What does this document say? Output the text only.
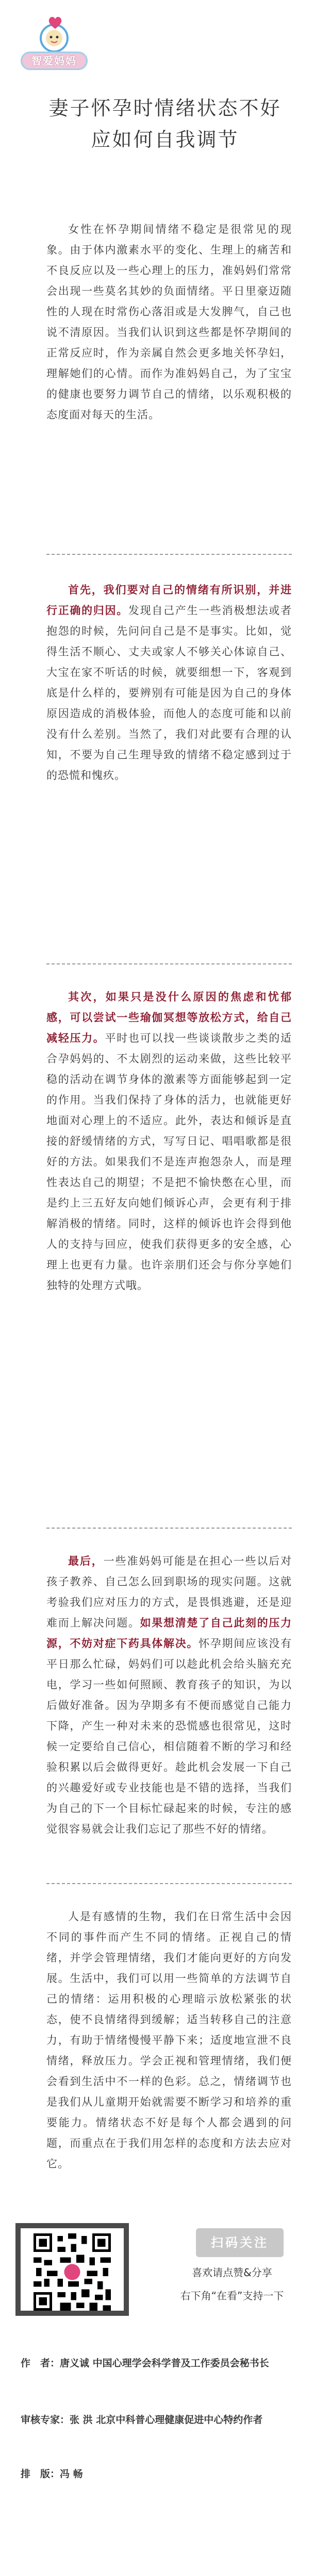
智爱妈妈
妻子怀孕时情绪状态不好
应如何自我调节

女性在怀孕期间情绪不稳定是很常见的现象。由于体内激素水平的变化、生理上的痛苦和不良反应以及一些心理上的压力，准妈妈们常常会出现一些莫名其妙的负面情绪。平日里豪迈随性的人现在时常伤心落泪或是大发脾气，自己也说不清原因。当我们认识到这些都是怀孕期间的正常反应时，作为亲属自然会更多地关怀孕妇，理解她们的心情。而作为准妈妈自己，为了宝宝的健康也要努力调节自己的情绪，以乐观积极的态度面对每天的生活。

首先，我们要对自己的情绪有所识别，并进行正确的归因。发现自己产生一些消极想法或者抱怨的时候，先问问自己是不是事实。比如，觉得生活不顺心、丈夫或家人不够关心体谅自己、大宝在家不听话的时候，就要细想一下，客观到底是什么样的，要辨别有可能是因为自己的身体原因造成的消极体验，而他人的态度可能和以前没有什么差别。当然了，我们对此要有合理的认知，不要为自己生理导致的情绪不稳定感到过于的恐慌和愧疚。

其次，如果只是没什么原因的焦虑和忧郁感，可以尝试一些瑜伽冥想等放松方式，给自己减轻压力。平时也可以找一些谈谈散步之类的适合孕妈妈的、不太剧烈的运动来做，这些比较平稳的活动在调节身体的激素等方面能够起到一定的作用。当我们保持了身体的活力，也就能更好地面对心理上的不适应。此外，表达和倾诉是直接的舒缓情绪的方式，写写日记、唱唱歌都是很好的方法。如果我们不是连声抱怨杂人，而是理性表达自己的期望；不是把不愉快憋在心里，而是约上三五好友向她们倾诉心声，会更有利于排解消极的情绪。同时，这样的倾诉也许会得到他人的支持与回应，使我们获得更多的安全感，心理上也更有力量。也许亲朋们还会与你分享她们独特的处理方式哦。

最后，一些准妈妈可能是在担心一些以后对孩子教养、自己怎么回到职场的现实问题。这就考验我们应对压力的方式，是畏惧逃避，还是迎难而上解决问题。如果想清楚了自己此刻的压力源，不妨对症下药具体解决。怀孕期间应该没有平日那么忙碌，妈妈们可以趁此机会给头脑充充电，学习一些如何照顾、教育孩子的知识，为以后做好准备。因为孕期多有不便而感觉自己能力下降，产生一种对未来的恐慌感也很常见，这时候一定要给自己信心，相信随着不断的学习和经验积累以后会做得更好。趁此机会发展一下自己的兴趣爱好或专业技能也是不错的选择，当我们为自己的下一个目标忙碌起来的时候，专注的感觉很容易就会让我们忘记了那些不好的情绪。

人是有感情的生物，我们在日常生活中会因不同的事件而产生不同的情绪。正视自己的情绪，并学会管理情绪，我们才能向更好的方向发展。生活中，我们可以用一些简单的方法调节自己的情绪：运用积极的心理暗示放松紧张的状态，使不良情绪得到缓解；适当转移自己的注意力，有助于情绪慢慢平静下来；适度地宣泄不良情绪，释放压力。学会正视和管理情绪，我们便会看到生活中不一样的色彩。总之，情绪调节也是我们从儿童期开始就需要不断学习和培养的重要能力。情绪状态不好是每个人都会遇到的问题，而重点在于我们用怎样的态度和方法去应对它。

扫码关注
喜欢请点赞&分享
右下角“在看”支持一下
作　者：唐义诚 中国心理学会科学普及工作委员会秘书长
审核专家：张 洪 北京中科普心理健康促进中心特约作者
排　版：冯 畅
